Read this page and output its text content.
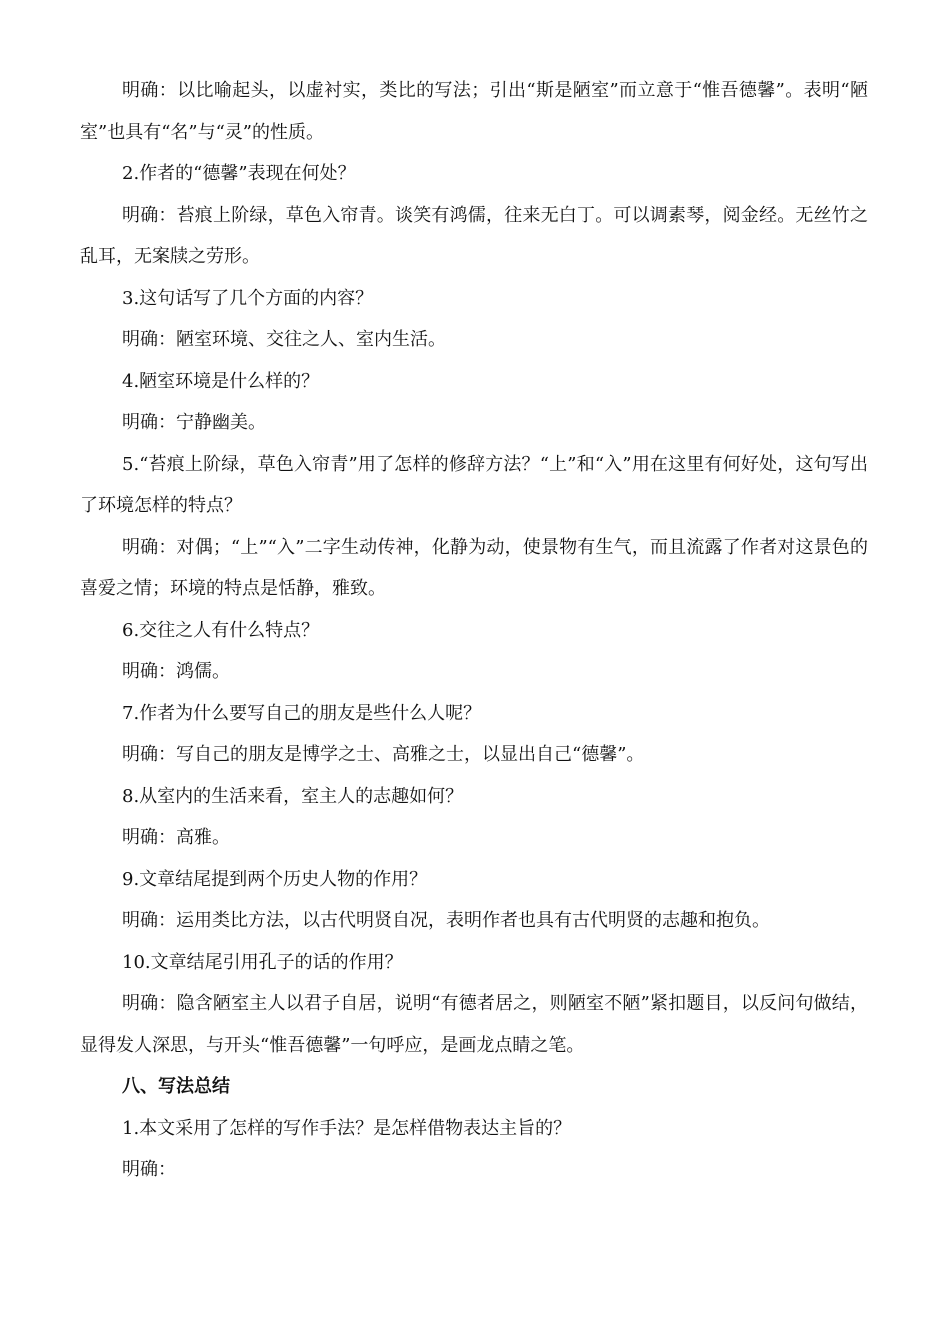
明确：以比喻起头，以虚衬实，类比的写法；引出“斯是陋室”而立意于“惟吾德馨”。表明“陋室”也具有“名”与“灵”的性质。

2.作者的“德馨”表现在何处？

明确：苔痕上阶绿，草色入帘青。谈笑有鸿儒，往来无白丁。可以调素琴，阅金经。无丝竹之乱耳，无案牍之劳形。

3.这句话写了几个方面的内容？

明确：陋室环境、交往之人、室内生活。

4.陋室环境是什么样的？

明确：宁静幽美。

5.“苔痕上阶绿，草色入帘青”用了怎样的修辞方法？“上”和“入”用在这里有何好处，这句写出了环境怎样的特点？

明确：对偶；“上”“入”二字生动传神，化静为动，使景物有生气，而且流露了作者对这景色的喜爱之情；环境的特点是恬静，雅致。

6.交往之人有什么特点？

明确：鸿儒。

7.作者为什么要写自己的朋友是些什么人呢？

明确：写自己的朋友是博学之士、高雅之士，以显出自己“德馨”。

8.从室内的生活来看，室主人的志趣如何？

明确：高雅。

9.文章结尾提到两个历史人物的作用？

明确：运用类比方法，以古代明贤自况，表明作者也具有古代明贤的志趣和抱负。

10.文章结尾引用孔子的话的作用？

明确：隐含陋室主人以君子自居，说明“有德者居之，则陋室不陋”紧扣题目，以反问句做结，显得发人深思，与开头“惟吾德馨”一句呼应，是画龙点睛之笔。

八、写法总结

1.本文采用了怎样的写作手法？是怎样借物表达主旨的？

明确：
